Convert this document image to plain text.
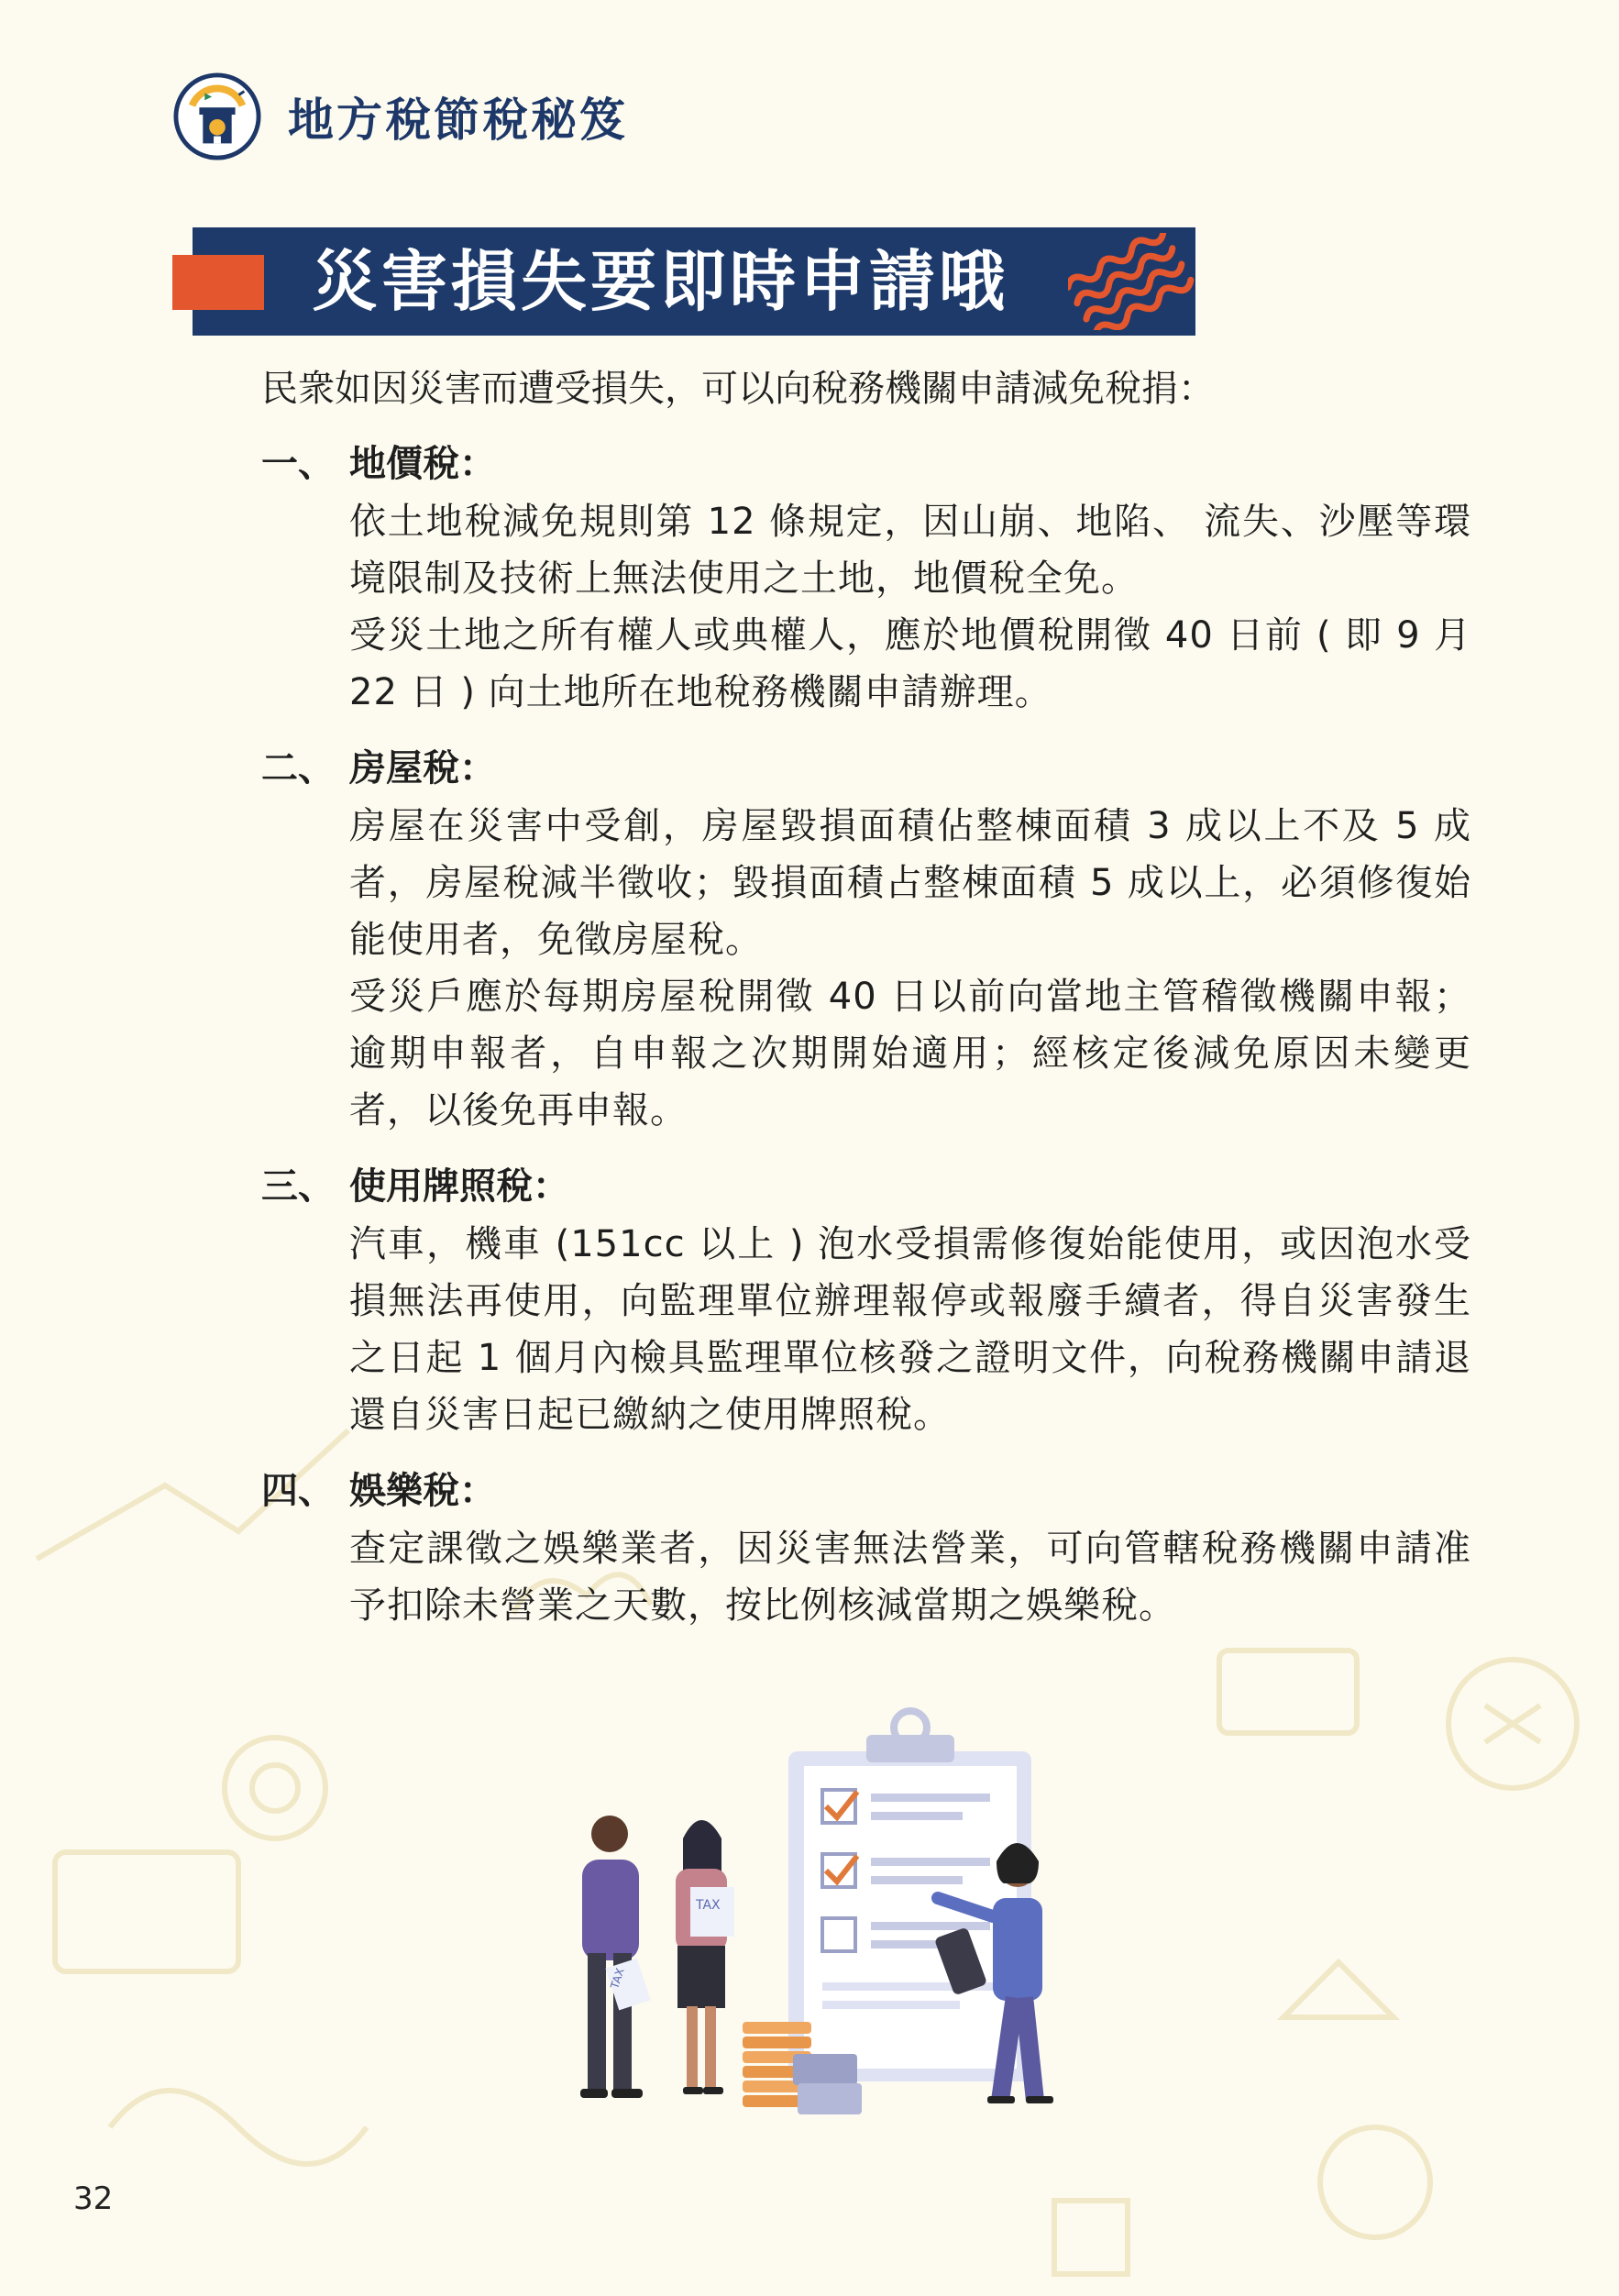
地方稅節稅秘笈
災害損失要即時申請哦

民衆如因災害而遭受損失，可以向稅務機關申請減免稅捐：

一、 地價稅：
依土地稅減免規則第 12 條規定，因山崩、地陷、 流失、沙壓等環境限制及技術上無法使用之土地，地價稅全免。
受災土地之所有權人或典權人，應於地價稅開徵 40 日前 ( 即 9 月 22 日 ) 向土地所在地稅務機關申請辦理。
二、 房屋稅：
房屋在災害中受創，房屋毀損面積佔整棟面積 3 成以上不及 5 成者，房屋稅減半徵收；毀損面積占整棟面積 5 成以上，必須修復始能使用者，免徵房屋稅。
受災戶應於每期房屋稅開徵 40 日以前向當地主管稽徵機關申報；逾期申報者，自申報之次期開始適用；經核定後減免原因未變更者，以後免再申報。
三、 使用牌照稅：
汽車，機車 (151cc 以上 ) 泡水受損需修復始能使用，或因泡水受損無法再使用，向監理單位辦理報停或報廢手續者，得自災害發生之日起 1 個月內檢具監理單位核發之證明文件，向稅務機關申請退還自災害日起已繳納之使用牌照稅。
四、 娛樂稅：
查定課徵之娛樂業者，因災害無法營業，可向管轄稅務機關申請准予扣除未營業之天數，按比例核減當期之娛樂稅。
TAX
TAX
32
